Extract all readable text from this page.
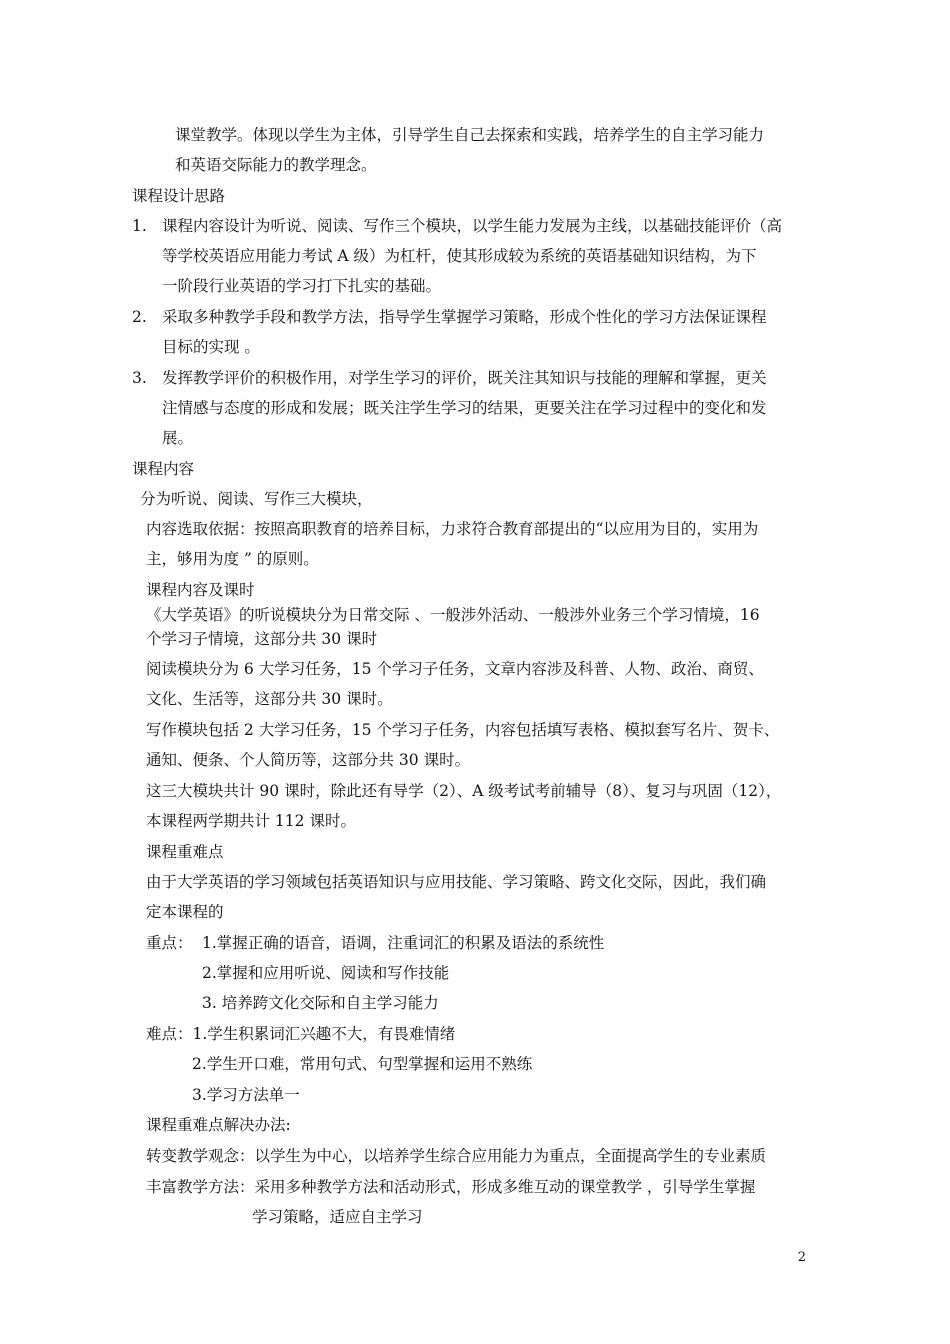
课堂教学。体现以学生为主体，引导学生自己去探索和实践，培养学生的自主学习能力
和英语交际能力的教学理念。
课程设计思路
1. 课程内容设计为听说、阅读、写作三个模块，以学生能力发展为主线，以基础技能评价（高
等学校英语应用能力考试 A 级）为杠杆，使其形成较为系统的英语基础知识结构，为下
一阶段行业英语的学习打下扎实的基础。
2. 采取多种教学手段和教学方法，指导学生掌握学习策略，形成个性化的学习方法保证课程
目标的实现 。
3. 发挥教学评价的积极作用，对学生学习的评价，既关注其知识与技能的理解和掌握，更关
注情感与态度的形成和发展；既关注学生学习的结果，更要关注在学习过程中的变化和发
展。
课程内容
分为听说、阅读、写作三大模块，
内容选取依据：按照高职教育的培养目标，力求符合教育部提出的“以应用为目的，实用为
主，够用为度 ” 的原则。
课程内容及课时
《大学英语》的听说模块分为日常交际 、一般涉外活动、一般涉外业务三个学习情境，16
个学习子情境，这部分共 30 课时
阅读模块分为 6 大学习任务，15 个学习子任务，文章内容涉及科普、人物、政治、商贸、
文化、生活等，这部分共 30 课时。
写作模块包括 2 大学习任务，15 个学习子任务，内容包括填写表格、模拟套写名片、贺卡、
通知、便条、个人简历等，这部分共 30 课时。
这三大模块共计 90 课时，除此还有导学（2）、A 级考试考前辅导（8）、复习与巩固（12），
本课程两学期共计 112 课时。
课程重难点
由于大学英语的学习领域包括英语知识与应用技能、学习策略、跨文化交际，因此，我们确
定本课程的
重点： 1.掌握正确的语音，语调，注重词汇的积累及语法的系统性
2.掌握和应用听说、阅读和写作技能
3. 培养跨文化交际和自主学习能力
难点：1.学生积累词汇兴趣不大，有畏难情绪
2.学生开口难，常用句式、句型掌握和运用不熟练
3.学习方法单一
课程重难点解决办法:
转变教学观念：以学生为中心，以培养学生综合应用能力为重点，全面提高学生的专业素质
丰富教学方法：采用多种教学方法和活动形式，形成多维互动的课堂教学 ，引导学生掌握
学习策略，适应自主学习
2
